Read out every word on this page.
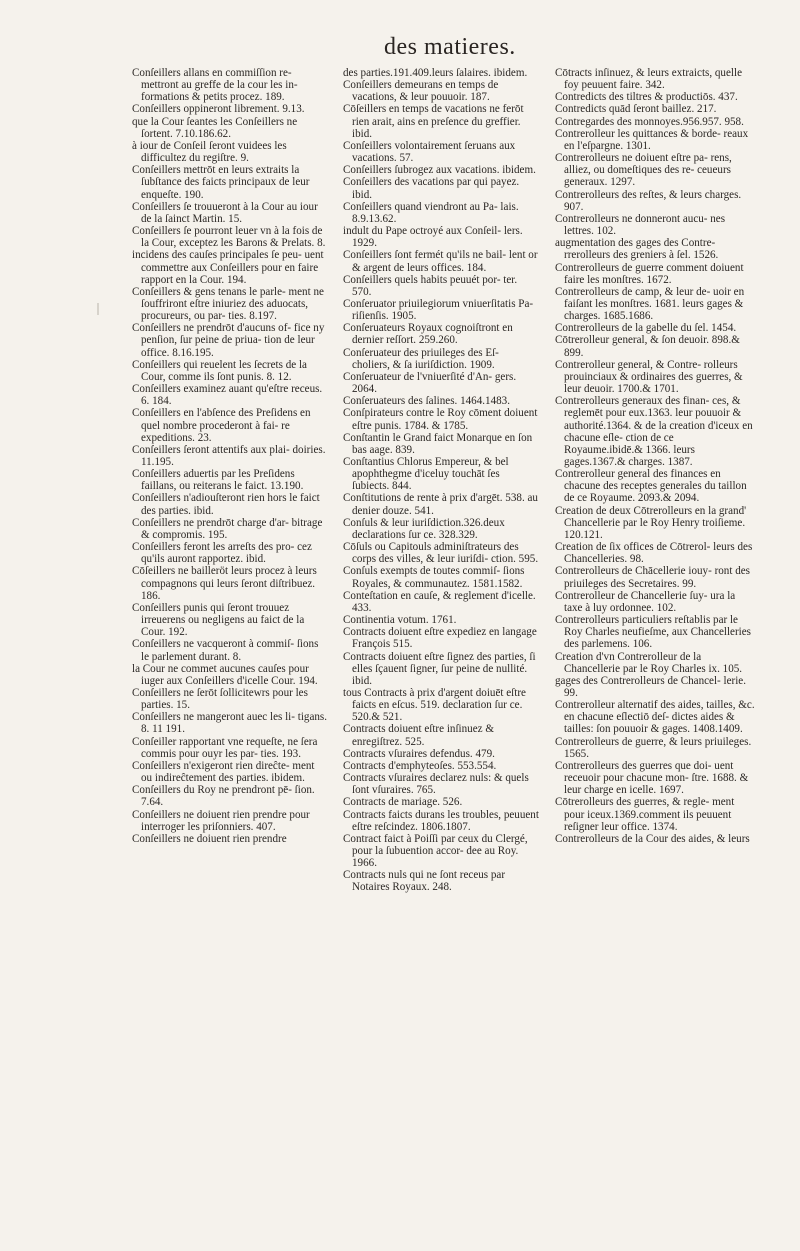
des matieres.

Conſeillers allans en commiſſion re- mettront au greffe de la cour les in- formations & petits procez. 189.

Conſeillers oppineront librement. 9.13.

que la Cour ſeantes les Conſeillers ne ſortent. 7.10.186.62.

à iour de Conſeil ſeront vuidees les difficultez du regiſtre. 9.

Conſeillers mettrōt en leurs extraits la ſubſtance des faicts principaux de leur enqueſte. 190.

Conſeillers ſe trouueront à la Cour au iour de la ſainct Martin. 15.

Conſeillers ſe pourront leuer vn à la fois de la Cour, exceptez les Barons & Prelats. 8.

incidens des cauſes principales ſe peu- uent commettre aux Conſeillers pour en faire rapport en la Cour. 194.

Conſeillers & gens tenans le parle- ment ne ſouffriront eſtre iniuriez des aduocats, procureurs, ou par- ties. 8.197.

Conſeillers ne prendrōt d'aucuns of- fice ny penſion, ſur peine de priua- tion de leur office. 8.16.195.

Conſeillers qui reuelent les ſecrets de la Cour, comme ils ſont punis. 8. 12.

Conſeillers examinez auant qu'eſtre receus. 6. 184.

Conſeillers en l'abſence des Preſidens en quel nombre procederont à fai- re expeditions. 23.

Conſeillers ſeront attentifs aux plai- doiries. 11.195.

Conſeillers aduertis par les Preſidens faillans, ou reiterans le faict. 13.190.

Conſeillers n'adiouſteront rien hors le faict des parties. ibid.

Conſeillers ne prendrōt charge d'ar- bitrage & compromis. 195.

Conſeillers feront les arreſts des pro- cez qu'ils auront rapportez. ibid.

Cōſeillers ne bailleröt leurs procez à leurs compagnons qui leurs ſeront diſtribuez. 186.

Conſeillers punis qui ſeront trouuez irreuerens ou negligens au faict de la Cour. 192.

Conſeillers ne vacqueront à commiſ- ſions le parlement durant. 8.

la Cour ne commet aucunes cauſes pour iuger aux Conſeillers d'icelle Cour. 194.

Conſeillers ne ſerōt ſollicitewrs pour les parties. 15.

Conſeillers ne mangeront auec les li- tigans. 8. 11 191.

Conſeiller rapportant vne requeſte, ne ſera commis pour ouyr les par- ties. 193.

Conſeillers n'exigeront rien direĉte- ment ou indireĉtement des parties. ibidem.

Conſeillers du Roy ne prendront pē- ſion. 7.64.

Conſeillers ne doiuent rien prendre pour interroger les priſonniers. 407.

Conſeillers ne doiuent rien prendre

des parties.191.409.leurs ſalaires. ibidem.

Conſeillers demeurans en temps de vacations, & leur pouuoir. 187.

Cōſeillers en temps de vacations ne ferōt rien arait, ains en preſence du greffier. ibid.

Conſeillers volontairement ſeruans aux vacations. 57.

Conſeillers ſubrogez aux vacations. ibidem.

Conſeillers des vacations par qui payez. ibid.

Conſeillers quand viendront au Pa- lais. 8.9.13.62.

indult du Pape octroyé aux Conſeil- lers. 1929.

Conſeillers ſont fermét qu'ils ne bail- lent or & argent de leurs offices. 184.

Conſeillers quels habits peuuét por- ter. 570.

Conſeruator priuilegiorum vniuerſitatis Pa- riſienſis. 1905.

Conſeruateurs Royaux cognoiſtront en dernier reſſort. 259.260.

Conſeruateur des priuileges des Eſ- choliers, & ſa iuriſdiction. 1909.

Conſeruateur de l'vniuerſité d'An- gers. 2064.

Conſeruateurs des ſalines. 1464.1483.

Conſpirateurs contre le Roy cōment doiuent eſtre punis. 1784. & 1785.

Conſtantin le Grand faict Monarque en ſon bas aage. 839.

Conſtantius Chlorus Empereur, & bel apophthegme d'iceluy touchāt ſes ſubiects. 844.

Conſtitutions de rente à prix d'argēt. 538. au denier douze. 541.

Conſuls & leur iuriſdiction.326.deux declarations ſur ce. 328.329.

Cōſuls ou Capitouls adminiſtrateurs des corps des villes, & leur iuriſdi- ction. 595.

Conſuls exempts de toutes commiſ- ſions Royales, & communautez. 1581.1582.

Conteſtation en cauſe, & reglement d'icelle. 433.

Continentia votum. 1761.

Contracts doiuent eſtre expediez en langage François 515.

Contracts doiuent eſtre ſignez des parties, ſi elles ſçauent ſigner, ſur peine de nullité. ibid.

tous Contracts à prix d'argent doiuēt eſtre faicts en eſcus. 519. declaration ſur ce. 520.& 521.

Contracts doiuent eſtre inſinuez & enregiſtrez. 525.

Contracts vſuraires defendus. 479.

Contracts d'emphyteoſes. 553.554.

Contracts vſuraires declarez nuls: & quels ſont vſuraires. 765.

Contracts de mariage. 526.

Contracts faicts durans les troubles, peuuent eſtre reſcindez. 1806.1807.

Contract faict à Poiſſi par ceux du Clergé, pour la ſubuention accor- dee au Roy. 1966.

Contracts nuls qui ne ſont receus par Notaires Royaux. 248.

Cōtracts inſinuez, & leurs extraicts, quelle foy peuuent faire. 342.

Contredicts des tiltres & productiōs. 437.

Contredicts quād ſeront baillez. 217.

Contregardes des monnoyes.956.957. 958.

Contrerolleur les quittances & borde- reaux en l'eſpargne. 1301.

Contrerolleurs ne doiuent eſtre pa- rens, alliez, ou domeſtiques des re- ceueurs generaux. 1297.

Contrerolleurs des reſtes, & leurs charges. 907.

Contrerolleurs ne donneront aucu- nes lettres. 102.

augmentation des gages des Contre- rrerolleurs des greniers à ſel. 1526.

Contrerolleurs de guerre comment doiuent faire les monſtres. 1672.

Contrerolleurs de camp, & leur de- uoir en faiſant les monſtres. 1681. leurs gages & charges. 1685.1686.

Contrerolleurs de la gabelle du ſel. 1454.

Cōtrerolleur general, & ſon deuoir. 898.& 899.

Contrerolleur general, & Contre- rolleurs prouinciaux & ordinaires des guerres, & leur deuoir. 1700.& 1701.

Contrerolleurs generaux des finan- ces, & reglemēt pour eux.1363. leur pouuoir & authorité.1364. & de la creation d'iceux en chacune eſle- ction de ce Royaume.ibidē.& 1366. leurs gages.1367.& charges. 1387.

Contrerolleur general des finances en chacune des receptes generales du taillon de ce Royaume. 2093.& 2094.

Creation de deux Cōtrerolleurs en la grand' Chancellerie par le Roy Henry troiſieme. 120.121.

Creation de ſix offices de Cōtrerol- leurs des Chancelleries. 98.

Contrerolleurs de Chācellerie iouy- ront des priuileges des Secretaires. 99.

Contrerolleur de Chancellerie ſuy- ura la taxe à luy ordonnee. 102.

Contrerolleurs particuliers reſtablis par le Roy Charles neufieſme, aux Chancelleries des parlemens. 106.

Creation d'vn Contrerolleur de la Chancellerie par le Roy Charles ix. 105.

gages des Contrerolleurs de Chancel- lerie. 99.

Contrerolleur alternatif des aides, tailles, &c. en chacune eſlectiō deſ- dictes aides & tailles: ſon pouuoir & gages. 1408.1409.

Contrerolleurs de guerre, & leurs priuileges. 1565.

Contrerolleurs des guerres que doi- uent receuoir pour chacune mon- ſtre. 1688. & leur charge en icelle. 1697.

Cōtrerolleurs des guerres, & regle- ment pour iceux.1369.comment ils peuuent reſigner leur office. 1374.

Contrerolleurs de la Cour des aides, & leurs
